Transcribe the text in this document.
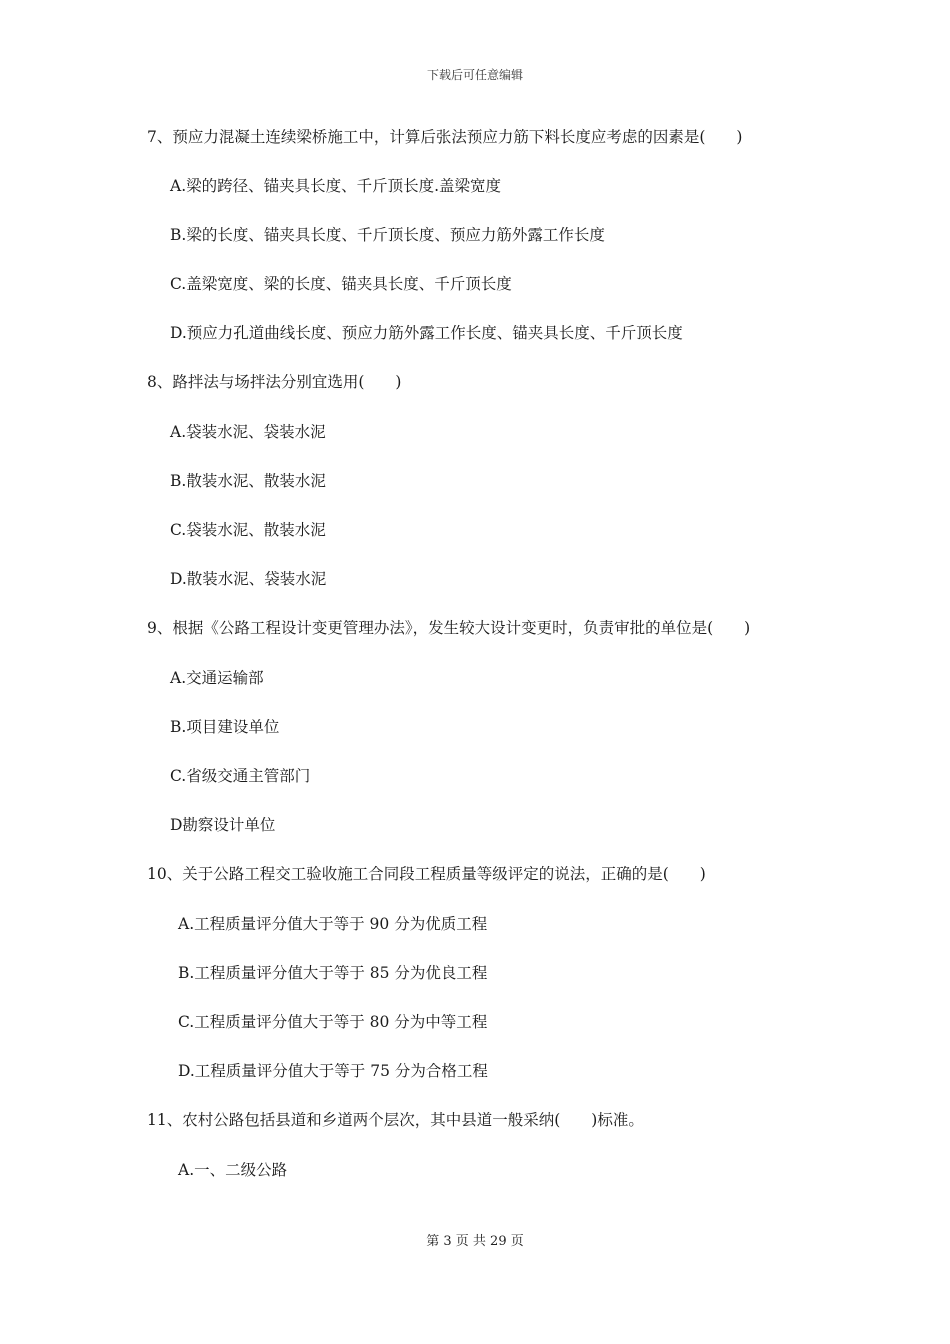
下载后可任意编辑
7、预应力混凝土连续梁桥施工中，计算后张法预应力筋下料长度应考虑的因素是(　　)
A.梁的跨径、锚夹具长度、千斤顶长度.盖梁宽度
B.梁的长度、锚夹具长度、千斤顶长度、预应力筋外露工作长度
C.盖梁宽度、梁的长度、锚夹具长度、千斤顶长度
D.预应力孔道曲线长度、预应力筋外露工作长度、锚夹具长度、千斤顶长度
8、路拌法与场拌法分别宜选用(　　)
A.袋装水泥、袋装水泥
B.散装水泥、散装水泥
C.袋装水泥、散装水泥
D.散装水泥、袋装水泥
9、根据《公路工程设计变更管理办法》，发生较大设计变更时，负责审批的单位是(　　)
A.交通运输部
B.项目建设单位
C.省级交通主管部门
D勘察设计单位
10、关于公路工程交工验收施工合同段工程质量等级评定的说法，正确的是(　　)
A.工程质量评分值大于等于 90 分为优质工程
B.工程质量评分值大于等于 85 分为优良工程
C.工程质量评分值大于等于 80 分为中等工程
D.工程质量评分值大于等于 75 分为合格工程
11、农村公路包括县道和乡道两个层次，其中县道一般采纳(　　)标准。
A.一、二级公路
第 3 页 共 29 页
